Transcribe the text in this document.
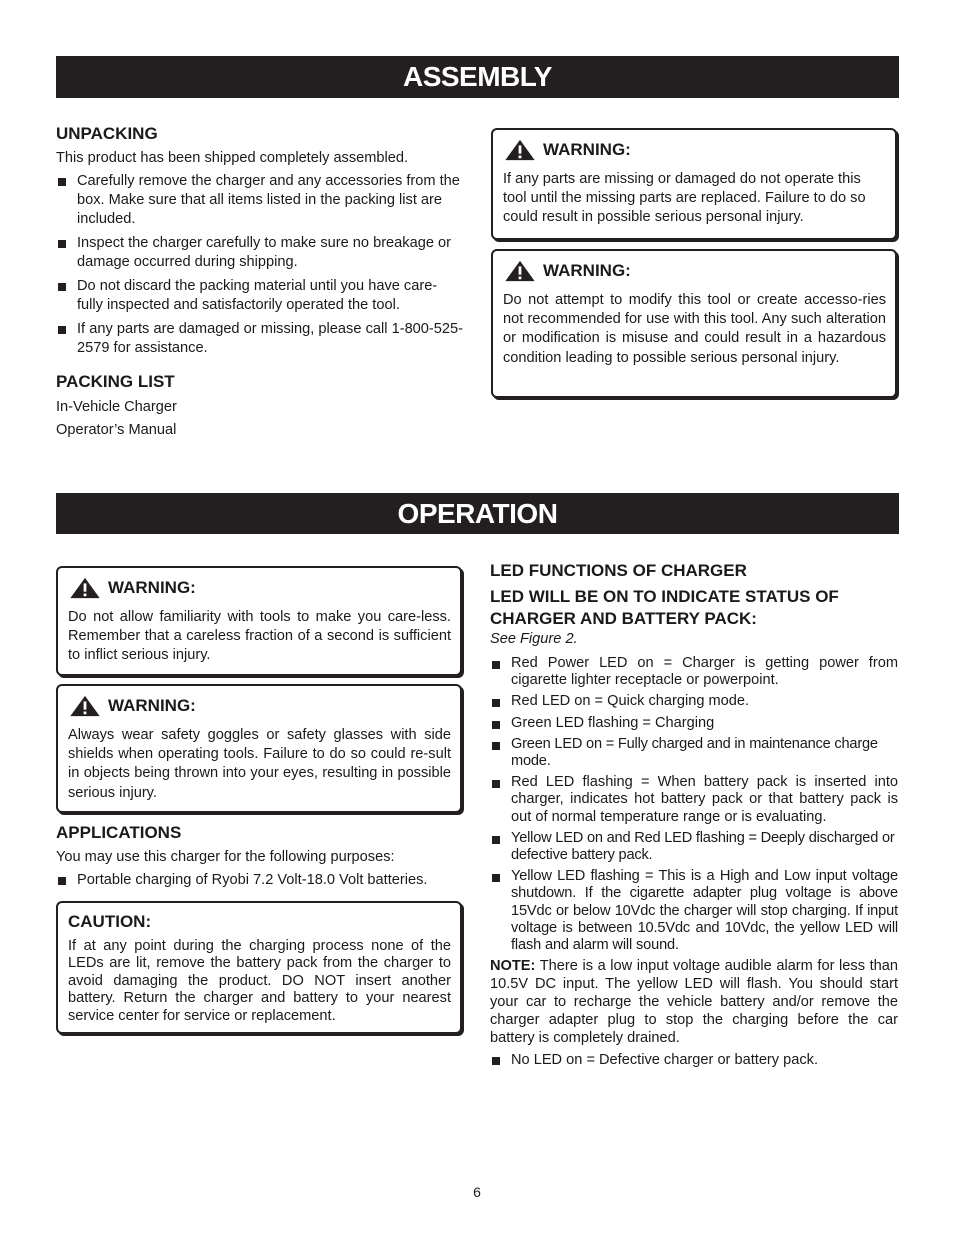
ASSEMBLY
UNPACKING

This product has been shipped completely assembled.

Carefully remove the charger and any accessories from the box. Make sure that all items listed in the packing list are included.
Inspect the charger carefully to make sure no breakage or damage occurred during shipping.
Do not discard the packing material until you have care-fully inspected and satisfactorily operated the tool.
If any parts are damaged or missing, please call 1-800-525-2579 for assistance.
PACKING LIST

In-Vehicle Charger

Operator’s Manual

WARNING:

If any parts are missing or damaged do not operate this tool until the missing parts are replaced. Failure to do so could result in possible serious personal injury.

WARNING:

Do not attempt to modify this tool or create accesso-ries not recommended for use with this tool. Any such alteration or modification is misuse and could result in a hazardous condition leading to possible serious personal injury.

OPERATION
WARNING:

Do not allow familiarity with tools to make you care-less. Remember that a careless fraction of a second is sufficient to inflict serious injury.

WARNING:

Always wear safety goggles or safety glasses with side shields when operating tools. Failure to do so could re-sult in objects being thrown into your eyes, resulting in possible serious injury.

APPLICATIONS

You may use this charger for the following purposes:

Portable charging of Ryobi 7.2 Volt-18.0 Volt batteries.
CAUTION:

If at any point during the charging process none of the LEDs are lit, remove the battery pack from the charger to avoid damaging the product. DO NOT insert another battery. Return the charger and battery to your nearest service center for service or replacement.

LED FUNCTIONS OF CHARGER
LED WILL BE ON TO INDICATE STATUS OF CHARGER AND BATTERY PACK:

See Figure 2.

Red Power LED on = Charger is getting power from cigarette lighter receptacle or powerpoint.
Red LED on = Quick charging mode.
Green LED flashing = Charging
Green LED on = Fully charged and in maintenance charge mode.
Red LED flashing = When battery pack is inserted into charger, indicates hot battery pack or that battery pack is out of normal temperature range or is evaluating.
Yellow LED on and Red LED flashing = Deeply discharged or defective battery pack.
Yellow LED flashing = This is a High and Low input voltage shutdown. If the cigarette adapter plug voltage is above 15Vdc or below 10Vdc the charger will stop charging. If input voltage is between 10.5Vdc and 10Vdc, the yellow LED will flash and alarm will sound.

NOTE: There is a low input voltage audible alarm for less than 10.5V DC input. The yellow LED will flash. You should start your car to recharge the vehicle battery and/or remove the charger adapter plug to stop the charging before the car battery is completely drained.

No LED on = Defective charger or battery pack.
6
